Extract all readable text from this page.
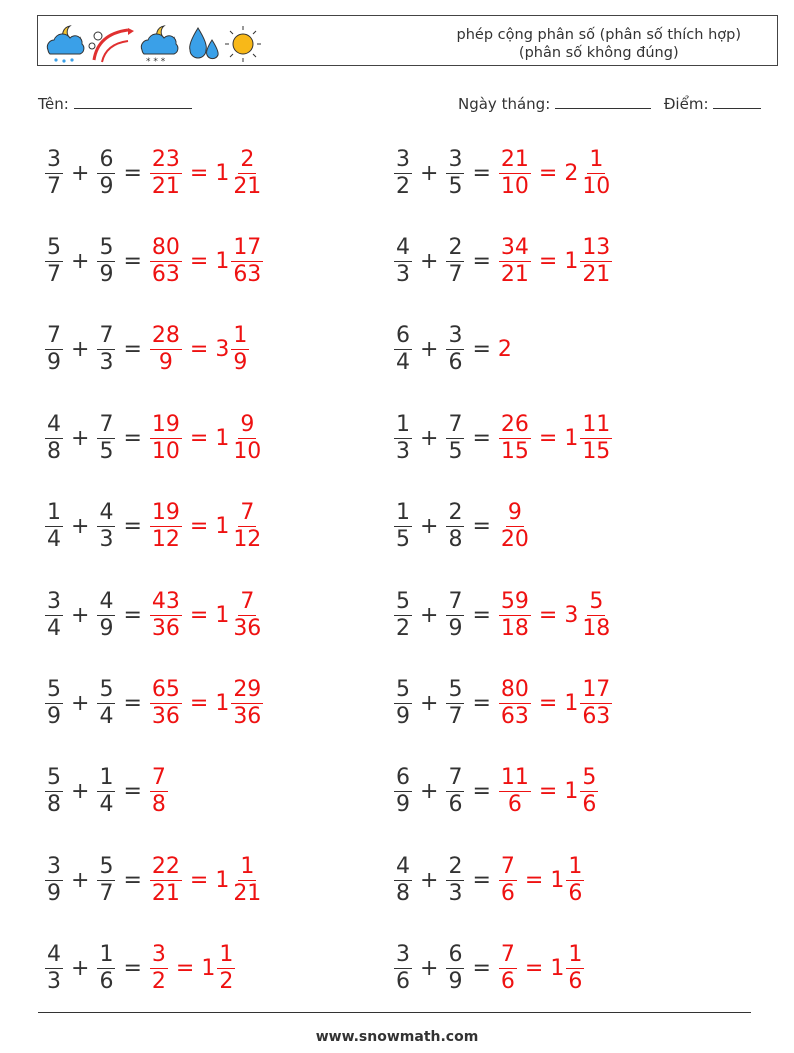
* * *
phép cộng phân số (phân số thích hợp)
(phân số không đúng)
Tên:	Ngày tháng:	Điểm:
$\frac{3}{7} + \frac{6}{9} = \frac{23}{21} = 1 \frac{2}{21}$
$\frac{5}{7} + \frac{5}{9} = \frac{80}{63} = 1 \frac{17}{63}$
$\frac{7}{9} + \frac{7}{3} = \frac{28}{9} = 3 \frac{1}{9}$
$\frac{4}{8} + \frac{7}{5} = \frac{19}{10} = 1 \frac{9}{10}$
$\frac{1}{4} + \frac{4}{3} = \frac{19}{12} = 1 \frac{7}{12}$
$\frac{3}{4} + \frac{4}{9} = \frac{43}{36} = 1 \frac{7}{36}$
$\frac{5}{9} + \frac{5}{4} = \frac{65}{36} = 1 \frac{29}{36}$
$\frac{5}{8} + \frac{1}{4} = \frac{7}{8}$
$\frac{3}{9} + \frac{5}{7} = \frac{22}{21} = 1 \frac{1}{21}$
$\frac{4}{3} + \frac{1}{6} = \frac{3}{2} = 1 \frac{1}{2}$
$\frac{3}{2} + \frac{3}{5} = \frac{21}{10} = 2 \frac{1}{10}$
$\frac{4}{3} + \frac{2}{7} = \frac{34}{21} = 1 \frac{13}{21}$
$\frac{6}{4} + \frac{3}{6} = 2$
$\frac{1}{3} + \frac{7}{5} = \frac{26}{15} = 1 \frac{11}{15}$
$\frac{1}{5} + \frac{2}{8} = \frac{9}{20}$
$\frac{5}{2} + \frac{7}{9} = \frac{59}{18} = 3 \frac{5}{18}$
$\frac{5}{9} + \frac{5}{7} = \frac{80}{63} = 1 \frac{17}{63}$
$\frac{6}{9} + \frac{7}{6} = \frac{11}{6} = 1 \frac{5}{6}$
$\frac{4}{8} + \frac{2}{3} = \frac{7}{6} = 1 \frac{1}{6}$
$\frac{3}{6} + \frac{6}{9} = \frac{7}{6} = 1 \frac{1}{6}$
www.snowmath.com
